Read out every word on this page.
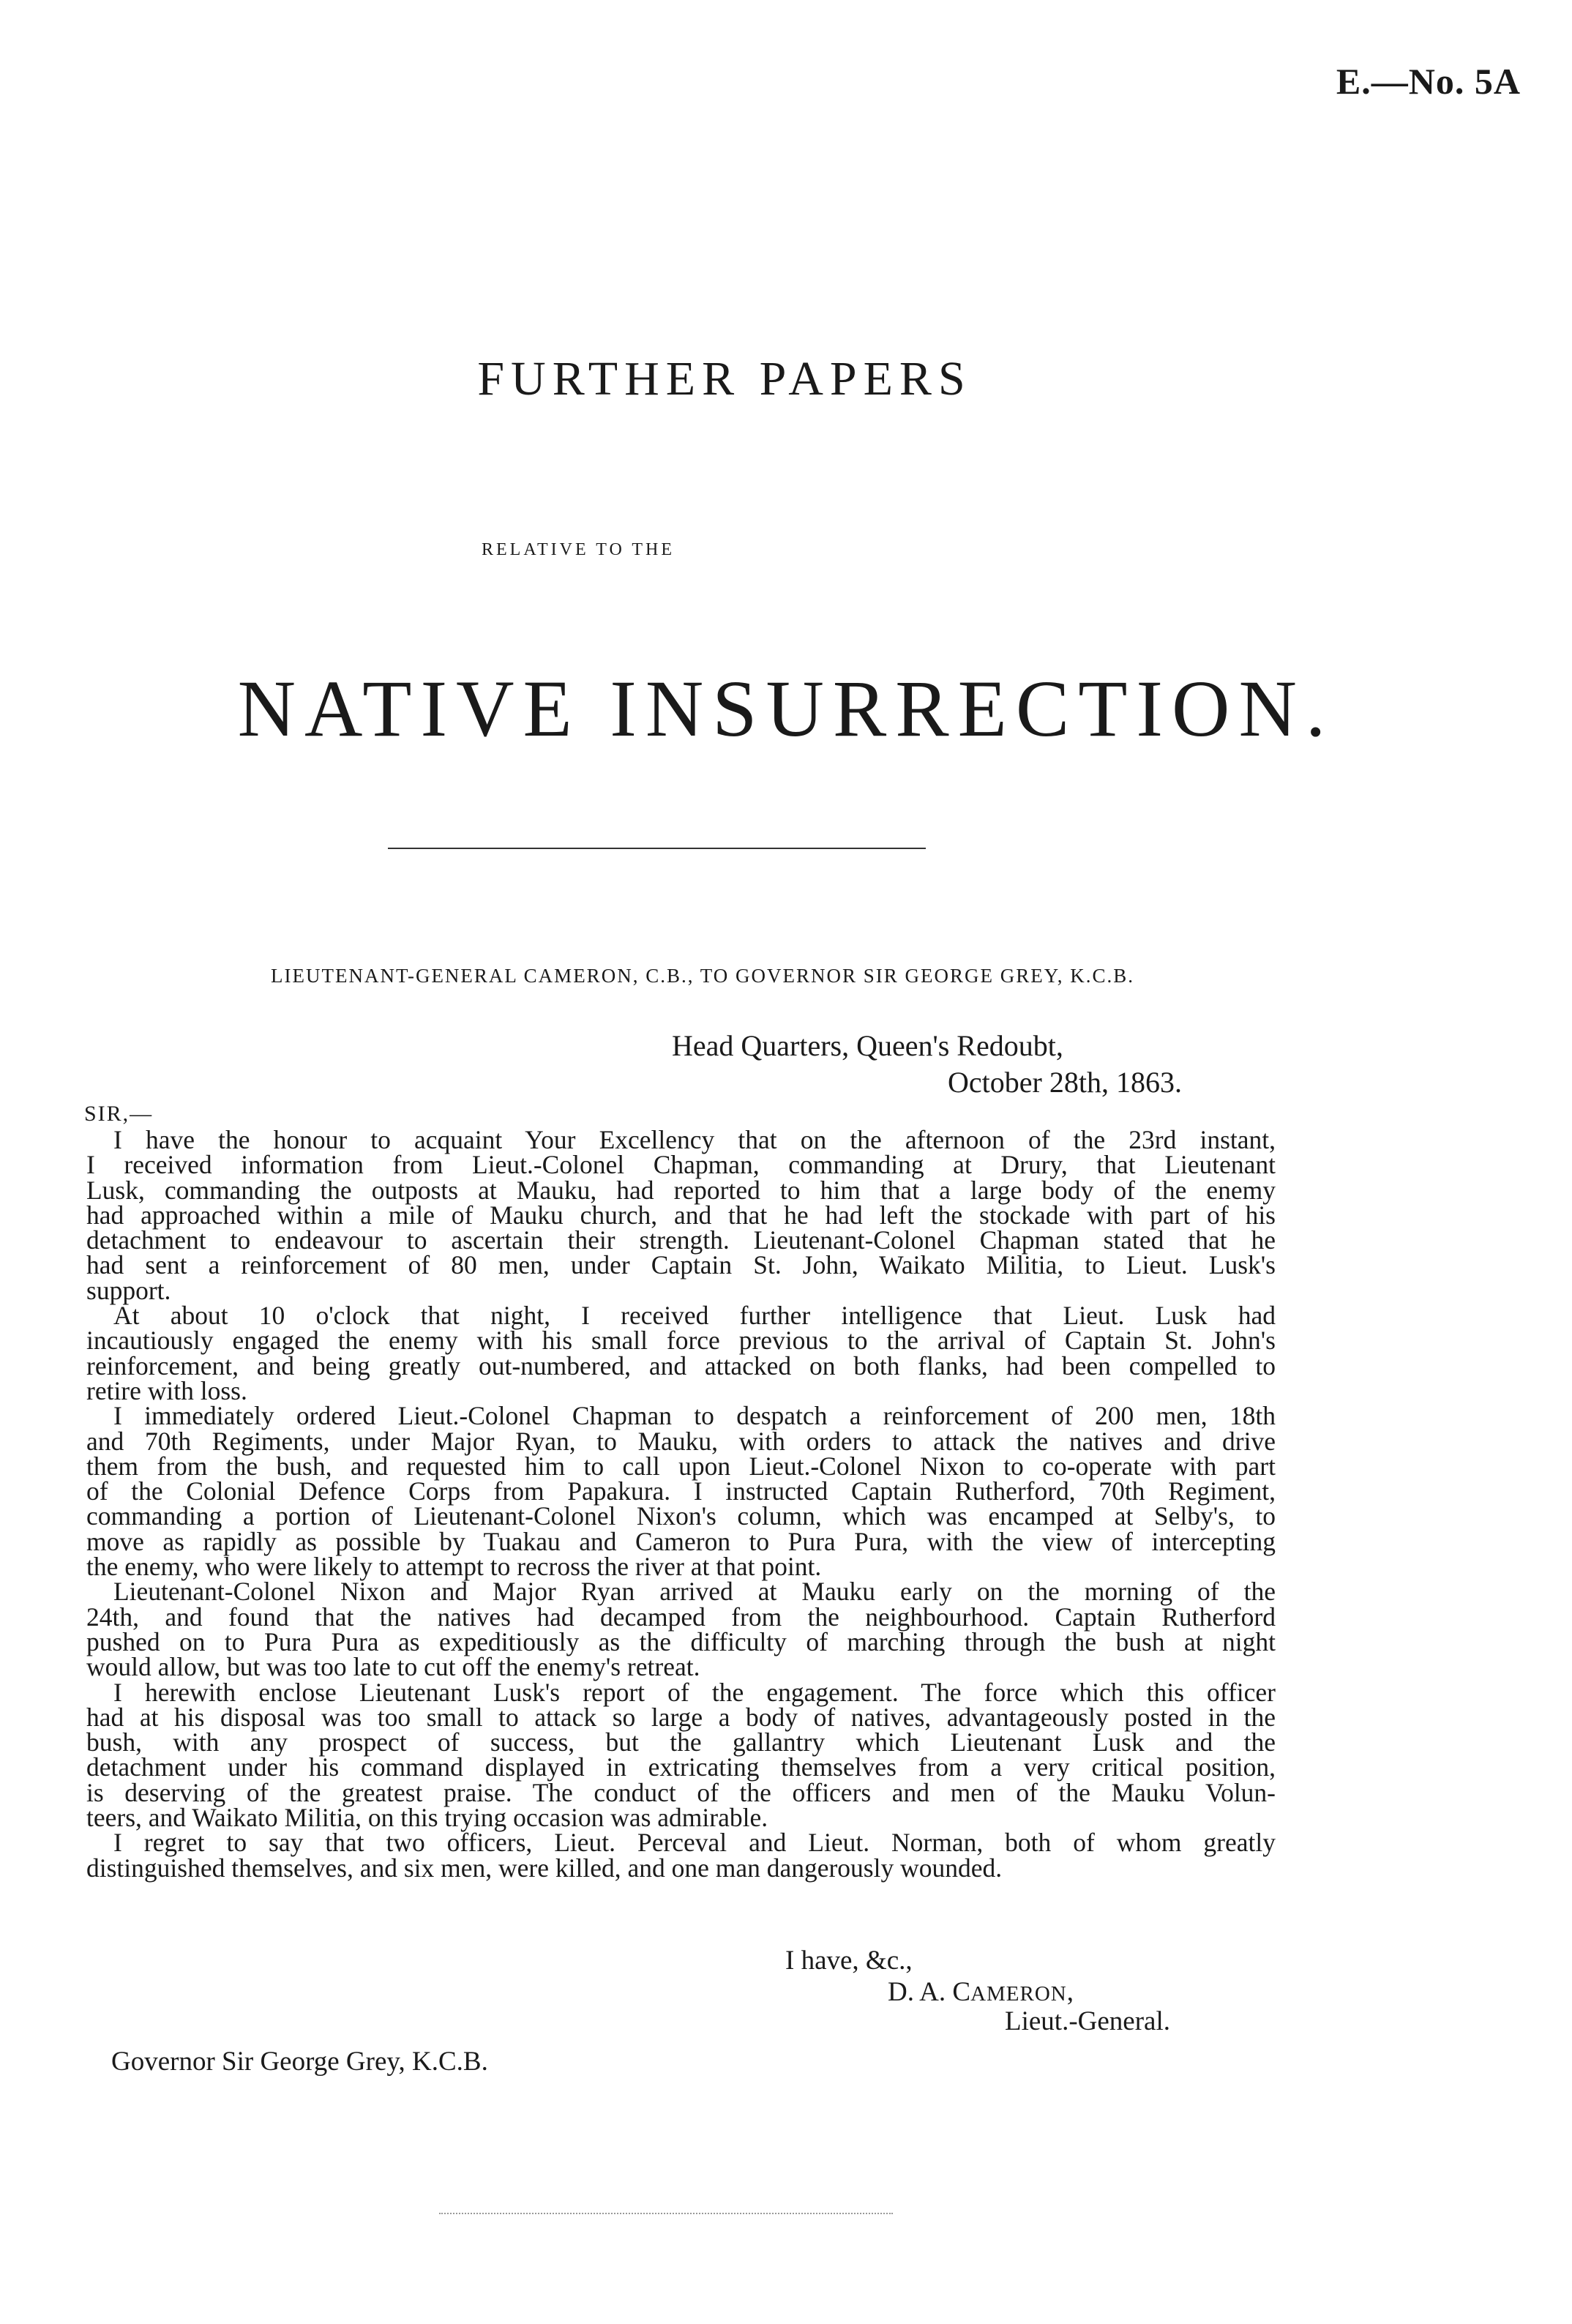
E.—No. 5A
FURTHER PAPERS
RELATIVE TO THE
NATIVE INSURRECTION.
LIEUTENANT-GENERAL CAMERON, C.B., TO GOVERNOR SIR GEORGE GREY, K.C.B.
Head Quarters, Queen's Redoubt,
October 28th, 1863.
SIR,—
I have the honour to acquaint Your Excellency that on the afternoon of the 23rd instant,
I received information from Lieut.-Colonel Chapman, commanding at Drury, that Lieutenant
Lusk, commanding the outposts at Mauku, had reported to him that a large body of the enemy
had approached within a mile of Mauku church, and that he had left the stockade with part of his
detachment to endeavour to ascertain their strength. Lieutenant-Colonel Chapman stated that he
had sent a reinforcement of 80 men, under Captain St. John, Waikato Militia, to Lieut. Lusk's
support.
At about 10 o'clock that night, I received further intelligence that Lieut. Lusk had
incautiously engaged the enemy with his small force previous to the arrival of Captain St. John's
reinforcement, and being greatly out-numbered, and attacked on both flanks, had been compelled to
retire with loss.
I immediately ordered Lieut.-Colonel Chapman to despatch a reinforcement of 200 men, 18th
and 70th Regiments, under Major Ryan, to Mauku, with orders to attack the natives and drive
them from the bush, and requested him to call upon Lieut.-Colonel Nixon to co-operate with part
of the Colonial Defence Corps from Papakura. I instructed Captain Rutherford, 70th Regiment,
commanding a portion of Lieutenant-Colonel Nixon's column, which was encamped at Selby's, to
move as rapidly as possible by Tuakau and Cameron to Pura Pura, with the view of intercepting
the enemy, who were likely to attempt to recross the river at that point.
Lieutenant-Colonel Nixon and Major Ryan arrived at Mauku early on the morning of the
24th, and found that the natives had decamped from the neighbourhood. Captain Rutherford
pushed on to Pura Pura as expeditiously as the difficulty of marching through the bush at night
would allow, but was too late to cut off the enemy's retreat.
I herewith enclose Lieutenant Lusk's report of the engagement. The force which this officer
had at his disposal was too small to attack so large a body of natives, advantageously posted in the
bush, with any prospect of success, but the gallantry which Lieutenant Lusk and the
detachment under his command displayed in extricating themselves from a very critical position,
is deserving of the greatest praise. The conduct of the officers and men of the Mauku Volun-
teers, and Waikato Militia, on this trying occasion was admirable.
I regret to say that two officers, Lieut. Perceval and Lieut. Norman, both of whom greatly
distinguished themselves, and six men, were killed, and one man dangerously wounded.
I have, &c.,
D. A. CAMERON,
Lieut.-General.
Governor Sir George Grey, K.C.B.
